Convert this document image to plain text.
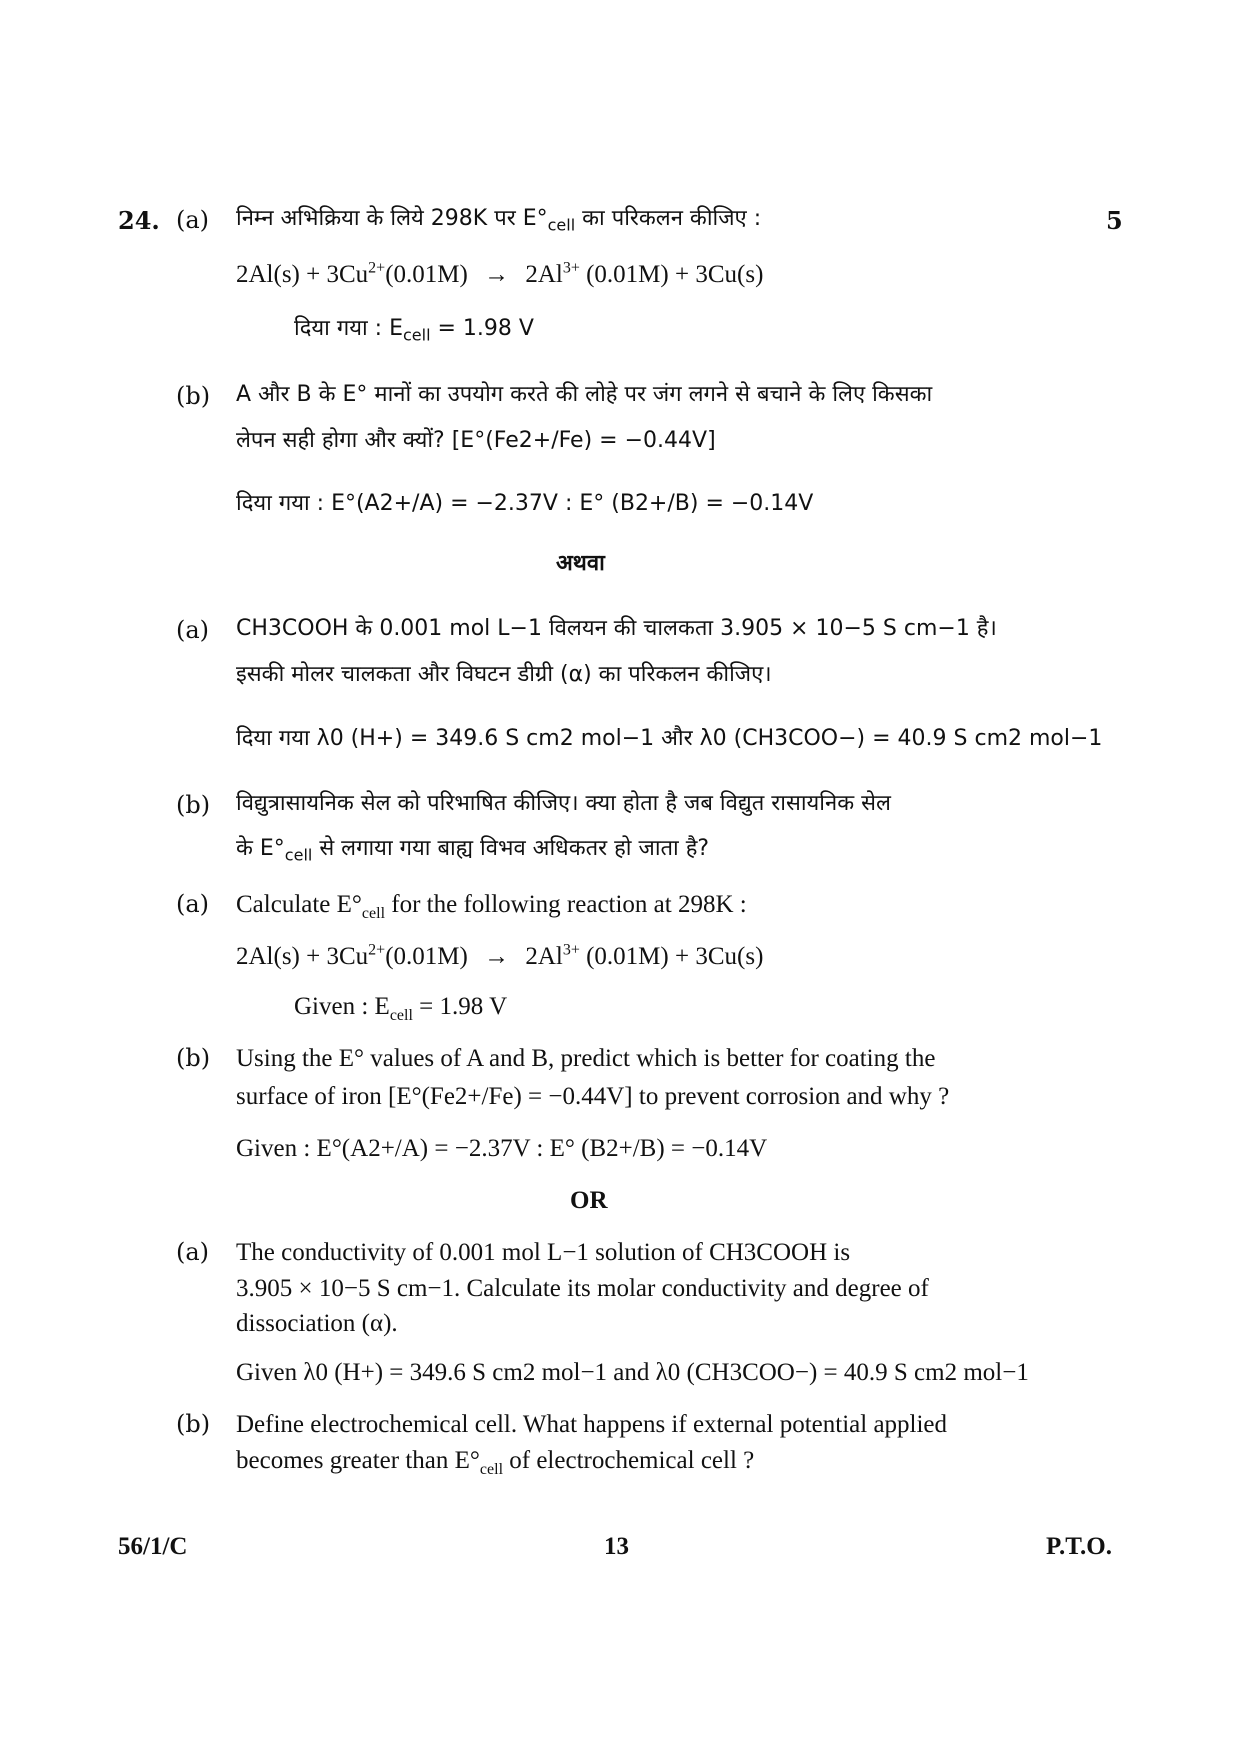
24.	5
(a) निम्न अभिक्रिया के लिये 298K पर $E^\circ_{cell}$ का परिकलन कीजिए :
$2Al(s) + 3Cu^{2+}(0.01M) \to 2Al^{3+}$ (0.01M) + 3Cu(s)
दिया गया : $E_{cell} = 1.98$ V
(b) A और B के E° मानों का उपयोग करते की लोहे पर जंग लगने से बचाने के लिए किसका
लेपन सही होगा और क्यों? [E°(Fe2+/Fe) = −0.44V]
दिया गया : E°(A2+/A) = −2.37V : E° (B2+/B) = −0.14V
अथवा
(a) CH3COOH के 0.001 mol L−1 विलयन की चालकता 3.905 × 10−5 S cm−1 है।
इसकी मोलर चालकता और विघटन डीग्री (α) का परिकलन कीजिए।
दिया गया λ0 (H+) = 349.6 S cm2 mol−1 और λ0 (CH3COO−) = 40.9 S cm2 mol−1
(b) विद्युत्रासायनिक सेल को परिभाषित कीजिए। क्या होता है जब विद्युत रासायनिक सेल
के $E^\circ_{cell}$ से लगाया गया बाह्य विभव अधिकतर हो जाता है?
(a) Calculate $E^\circ_{cell}$ for the following reaction at 298K :
$2Al(s) + 3Cu^{2+}(0.01M) \to 2Al^{3+}$ (0.01M) + 3Cu(s)
Given : $E_{cell} = 1.98$ V
(b) Using the E° values of A and B, predict which is better for coating the
surface of iron [E°(Fe2+/Fe) = −0.44V] to prevent corrosion and why ?
Given : E°(A2+/A) = −2.37V : E° (B2+/B) = −0.14V
OR
(a) The conductivity of 0.001 mol L−1 solution of CH3COOH is
3.905 × 10−5 S cm−1. Calculate its molar conductivity and degree of
dissociation (α).
Given λ0 (H+) = 349.6 S cm2 mol−1 and λ0 (CH3COO−) = 40.9 S cm2 mol−1
(b) Define electrochemical cell. What happens if external potential applied
becomes greater than $E^\circ_{cell}$ of electrochemical cell ?
56/1/C	13	P.T.O.
